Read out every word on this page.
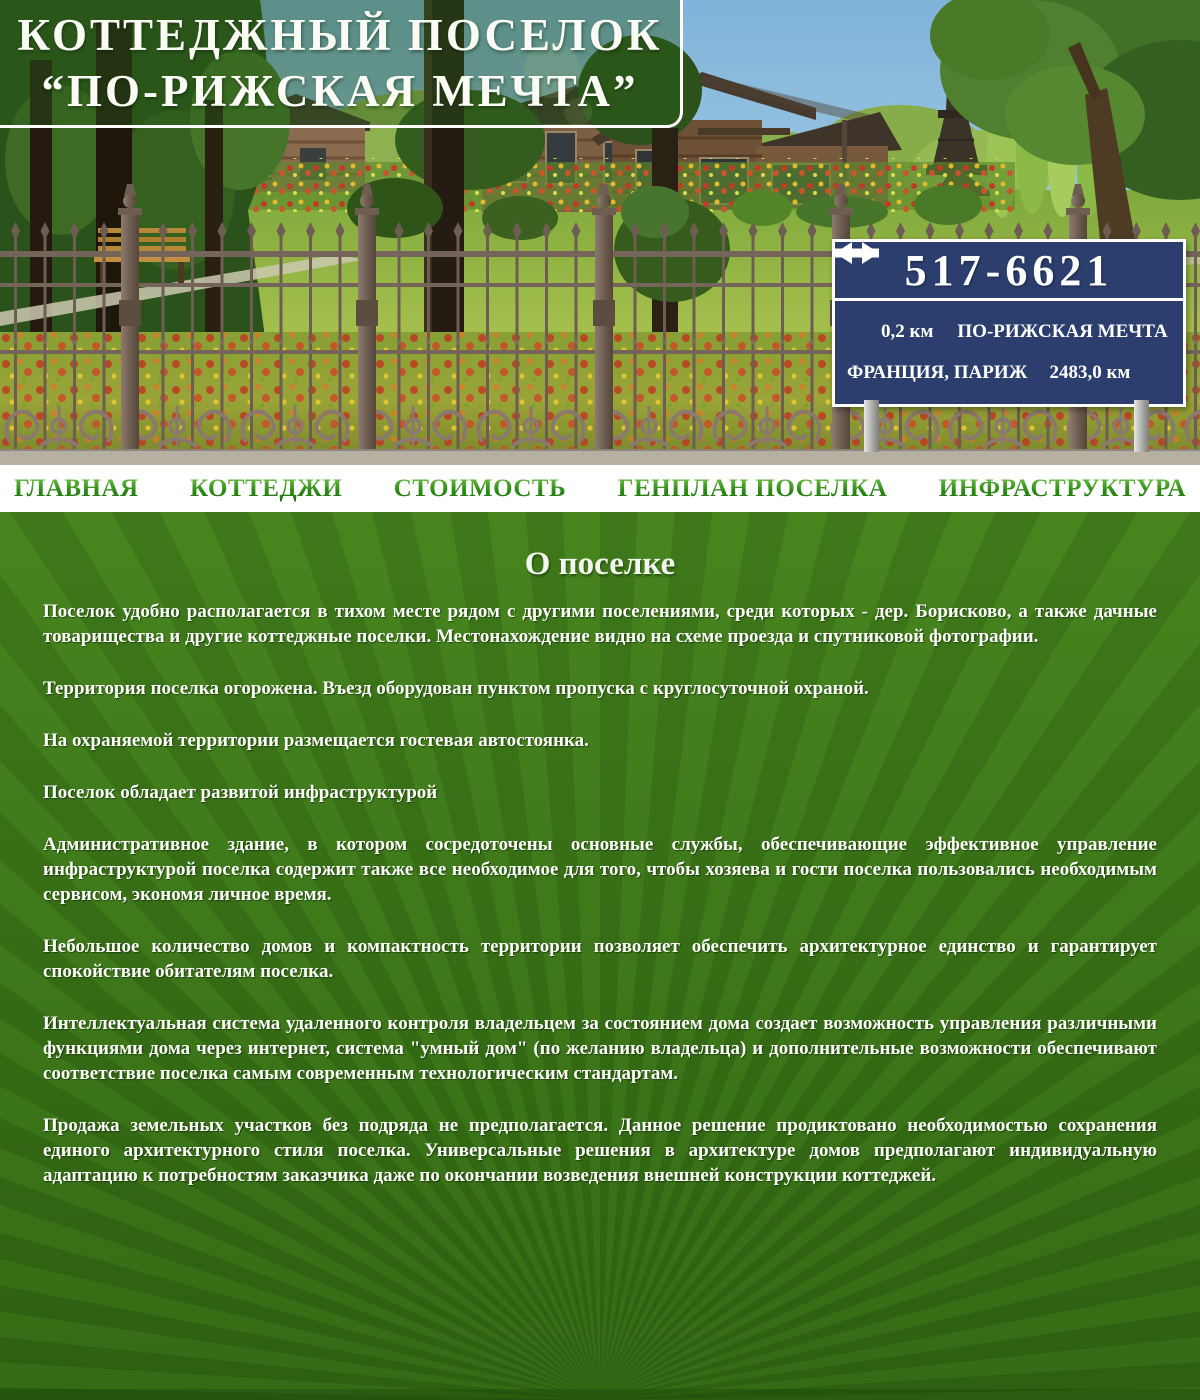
КОТТЕДЖНЫЙ ПОСЕЛОК
“ПО-РИЖСКАЯ МЕЧТА”
517-6621
0,2 км ПО-РИЖСКАЯ МЕЧТА
ФРАНЦИЯ, ПАРИЖ 2483,0 км
ГЛАВНАЯ КОТТЕДЖИ СТОИМОСТЬ ГЕНПЛАН ПОСЕЛКА ИНФРАСТРУКТУРА
О поселке

Поселок удобно располагается в тихом месте рядом с другими поселениями, среди которых - дер. Борисково, а также дачные товарищества и другие коттеджные поселки. Местонахождение видно на схеме проезда и спутниковой фотографии.

Территория поселка огорожена. Въезд оборудован пунктом пропуска с круглосуточной охраной.

На охраняемой территории размещается гостевая автостоянка.

Поселок обладает развитой инфраструктурой

Административное здание, в котором сосредоточены основные службы, обеспечивающие эффективное управление инфраструктурой поселка содержит также все необходимое для того, чтобы хозяева и гости поселка пользовались необходимым сервисом, экономя личное время.

Небольшое количество домов и компактность территории позволяет обеспечить архитектурное единство и гарантирует спокойствие обитателям поселка.

Интеллектуальная система удаленного контроля владельцем за состоянием дома создает возможность управления различными функциями дома через интернет, система "умный дом" (по желанию владельца) и дополнительные возможности обеспечивают соответствие поселка самым современным технологическим стандартам.

Продажа земельных участков без подряда не предполагается. Данное решение продиктовано необходимостью сохранения единого архитектурного стиля поселка. Универсальные решения в архитектуре домов предполагают индивидуальную адаптацию к потребностям заказчика даже по окончании возведения внешней конструкции коттеджей.
